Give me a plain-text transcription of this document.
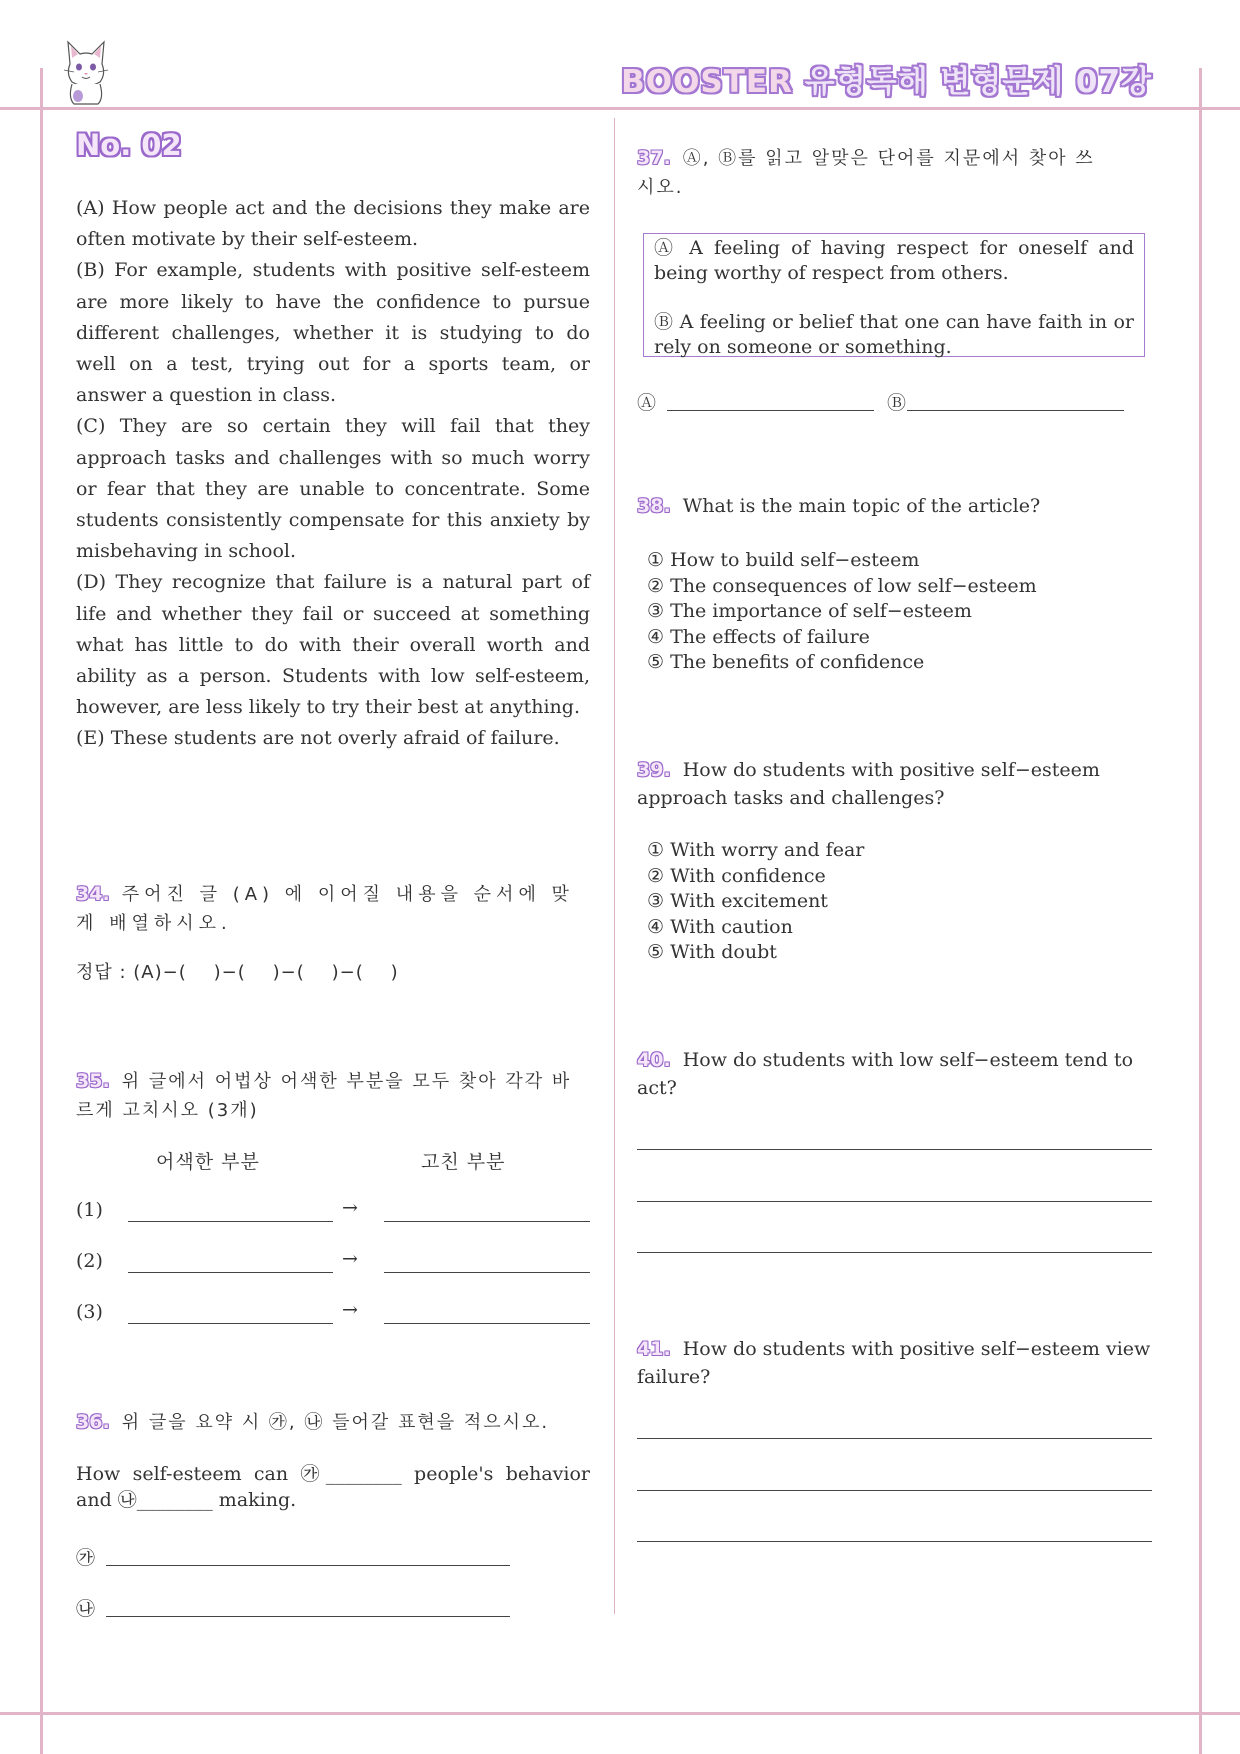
BOOSTER 유형독해 변형문제 07강
No. 02

(A) How people act and the decisions they make are often motivate by their self-esteem.

(B) For example, students with positive self-esteem are more likely to have the confidence to pursue different challenges, whether it is studying to do well on a test, trying out for a sports team, or answer a question in class.

(C) They are so certain they will fail that they approach tasks and challenges with so much worry or fear that they are unable to concentrate. Some students consistently compensate for this anxiety by misbehaving in school.

(D) They recognize that failure is a natural part of life and whether they fail or succeed at something what has little to do with their overall worth and ability as a person. Students with low self-esteem, however, are less likely to try their best at anything.

(E) These students are not overly afraid of failure.

34. 주어진 글 (A) 에 이어질 내용을 순서에 맞게 배열하시오.
정답 : (A)−(    )−(    )−(    )−(    )
35. 위 글에서 어법상 어색한 부분을 모두 찾아 각각 바르게 고치시오 (3개)
어색한 부분	고친 부분
(1)	→
(2)	→
(3)	→
36. 위 글을 요약 시 ㉮, ㉯ 들어갈 표현을 적으시오.
How self-esteem can ㉮________ people's behavior and ㉯________ making.
㉮
㉯
37. Ⓐ, Ⓑ를 읽고 알맞은 단어를 지문에서 찾아 쓰시오.

Ⓐ A feeling of having respect for oneself and being worthy of respect from others.

Ⓑ A feeling or belief that one can have faith in or rely on someone or something.

Ⓐ	Ⓑ
38. What is the main topic of the article?
① How to build self−esteem
② The consequences of low self−esteem
③ The importance of self−esteem
④ The effects of failure
⑤ The benefits of confidence
39. How do students with positive self−esteem approach tasks and challenges?
① With worry and fear
② With confidence
③ With excitement
④ With caution
⑤ With doubt
40. How do students with low self−esteem tend to act?
41. How do students with positive self−esteem view failure?
